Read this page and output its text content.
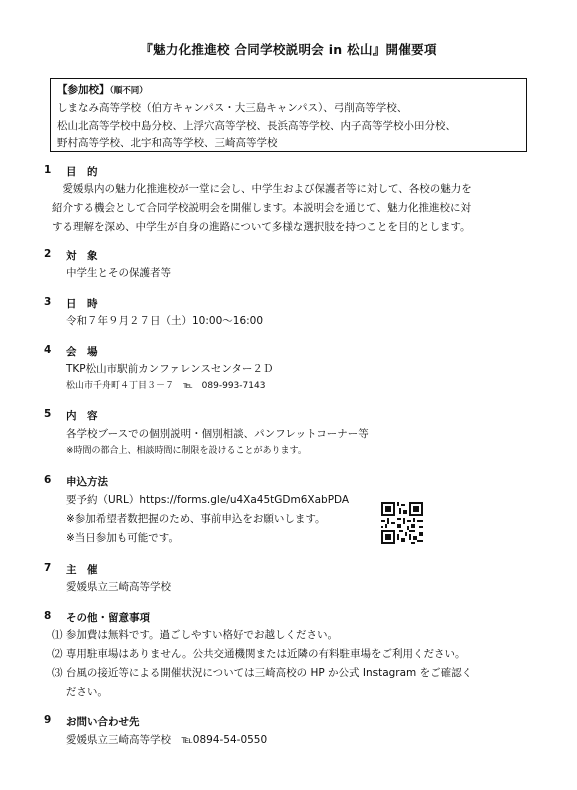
『魅力化推進校 合同学校説明会 in 松山』開催要項
【参加校】（順不同）
しまなみ高等学校（伯方キャンパス・大三島キャンパス）、弓削高等学校、
松山北高等学校中島分校、上浮穴高等学校、長浜高等学校、内子高等学校小田分校、
野村高等学校、北宇和高等学校、三崎高等学校
1 目　的
　愛媛県内の魅力化推進校が一堂に会し、中学生および保護者等に対して、各校の魅力を
紹介する機会として合同学校説明会を開催します。本説明会を通じて、魅力化推進校に対
する理解を深め、中学生が自身の進路について多様な選択肢を持つことを目的とします。
2 対　象
中学生とその保護者等
3 日　時
令和７年９月２７日（土）10:00～16:00
4 会　場
TKP松山市駅前カンファレンスセンター２Ｄ
松山市千舟町４丁目３－７　℡　089-993-7143
5 内　容
各学校ブースでの個別説明・個別相談、パンフレットコーナー等
※時間の都合上、相談時間に制限を設けることがあります。
6 申込方法
要予約（URL）https://forms.gle/u4Xa45tGDm6XabPDA
※参加希望者数把握のため、事前申込をお願いします。
※当日参加も可能です。
7 主　催
愛媛県立三崎高等学校
8 その他・留意事項
⑴ 参加費は無料です。過ごしやすい格好でお越しください。
⑵ 専用駐車場はありません。公共交通機関または近隣の有料駐車場をご利用ください。
⑶ 台風の接近等による開催状況については三崎高校の HP か公式 Instagram をご確認く
　 ださい。
9 お問い合わせ先
愛媛県立三崎高等学校　℡0894-54-0550
